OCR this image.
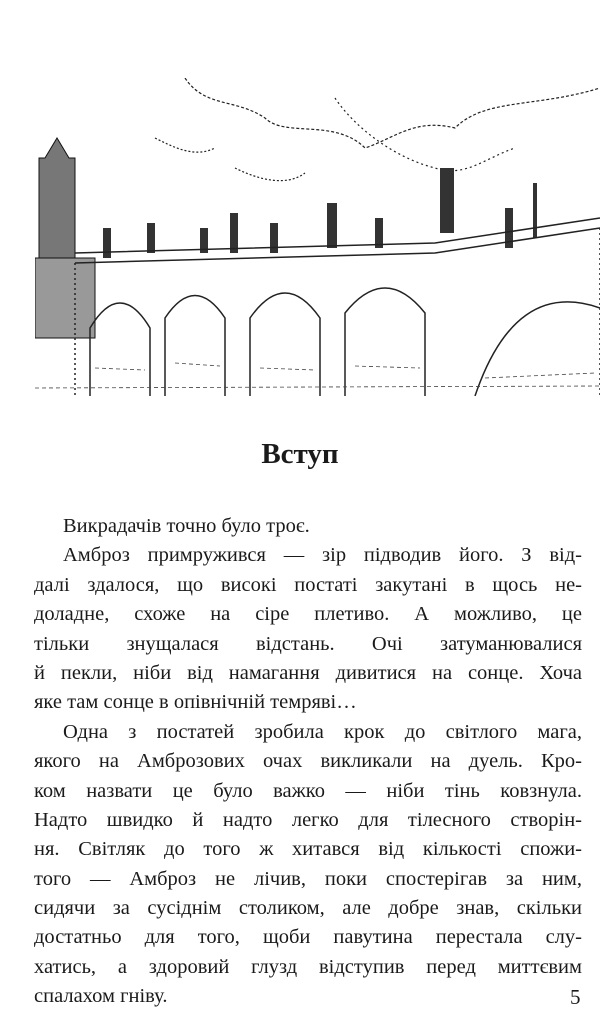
Вступ
Викрадачів точно було троє.
Амброз примружився — зір підводив його. З від-
далі здалося, що високі постаті закутані в щось не-
доладне, схоже на сіре плетиво. А можливо, це
тільки знущалася відстань. Очі затуманювалися
й пекли, ніби від намагання дивитися на сонце. Хоча
яке там сонце в опівнічній темряві…
Одна з постатей зробила крок до світлого мага,
якого на Амброзових очах викликали на дуель. Кро-
ком назвати це було важко — ніби тінь ковзнула.
Надто швидко й надто легко для тілесного створін-
ня. Світляк до того ж хитався від кількості спожи-
того — Амброз не лічив, поки спостерігав за ним,
сидячи за сусіднім столиком, але добре знав, скільки
достатньо для того, щоби павутина перестала слу-
хатись, а здоровий глузд відступив перед миттєвим
спалахом гніву.	5
